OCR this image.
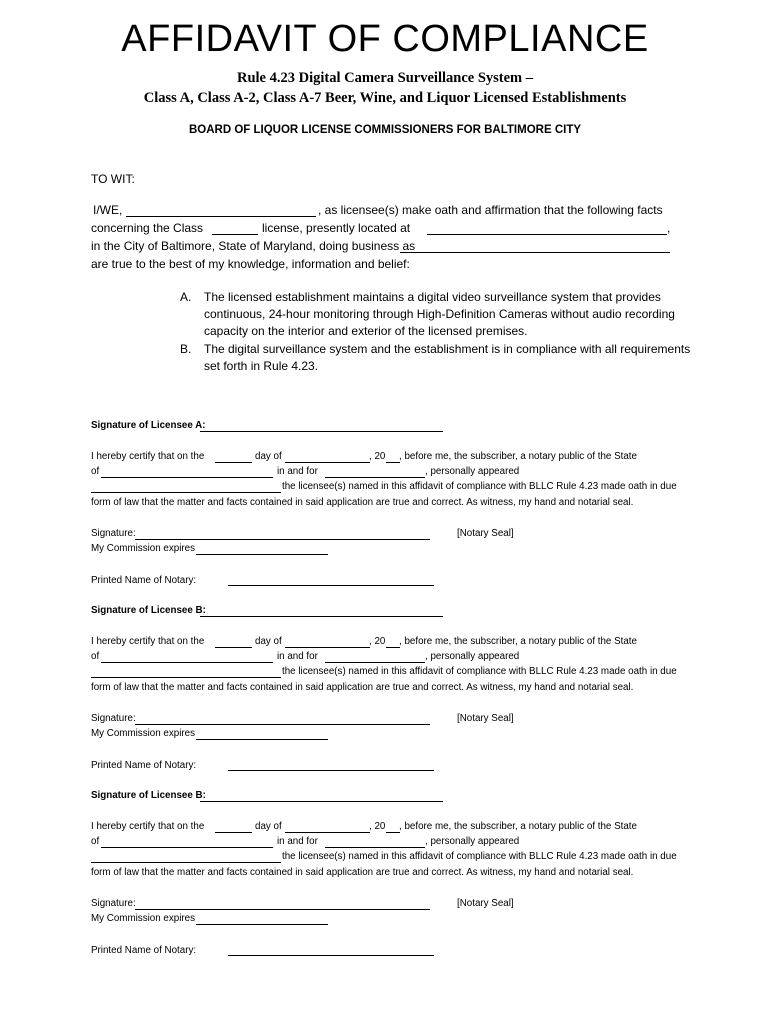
AFFIDAVIT OF COMPLIANCE
Rule 4.23 Digital Camera Surveillance System –
Class A, Class A-2, Class A-7 Beer, Wine, and Liquor Licensed Establishments
BOARD OF LIQUOR LICENSE COMMISSIONERS FOR BALTIMORE CITY
TO WIT:
I/WE,	, as licensee(s) make oath and affirmation that the following facts
concerning the Class	license, presently located at	,
in the City of Baltimore, State of Maryland, doing business as
are true to the best of my knowledge, information and belief:
A. The licensed establishment maintains a digital video surveillance system that provides
continuous, 24-hour monitoring through High-Definition Cameras without audio recording
capacity on the interior and exterior of the licensed premises.
B. The digital surveillance system and the establishment is in compliance with all requirements
set forth in Rule 4.23.
Signature of Licensee A:
I hereby certify that on the	day of	, 20 , before me, the subscriber, a notary public of the State
of	in and for	, personally appeared
the licensee(s) named in this affidavit of compliance with BLLC Rule 4.23 made oath in due
form of law that the matter and facts contained in said application are true and correct. As witness, my hand and notarial seal.
Signature:	[Notary Seal]
My Commission expires
Printed Name of Notary:
Signature of Licensee B:
I hereby certify that on the	day of	, 20 , before me, the subscriber, a notary public of the State
of	in and for	, personally appeared
the licensee(s) named in this affidavit of compliance with BLLC Rule 4.23 made oath in due
form of law that the matter and facts contained in said application are true and correct. As witness, my hand and notarial seal.
Signature:	[Notary Seal]
My Commission expires
Printed Name of Notary:
Signature of Licensee B:
I hereby certify that on the	day of	, 20 , before me, the subscriber, a notary public of the State
of	in and for	, personally appeared
the licensee(s) named in this affidavit of compliance with BLLC Rule 4.23 made oath in due
form of law that the matter and facts contained in said application are true and correct. As witness, my hand and notarial seal.
Signature:	[Notary Seal]
My Commission expires
Printed Name of Notary:
